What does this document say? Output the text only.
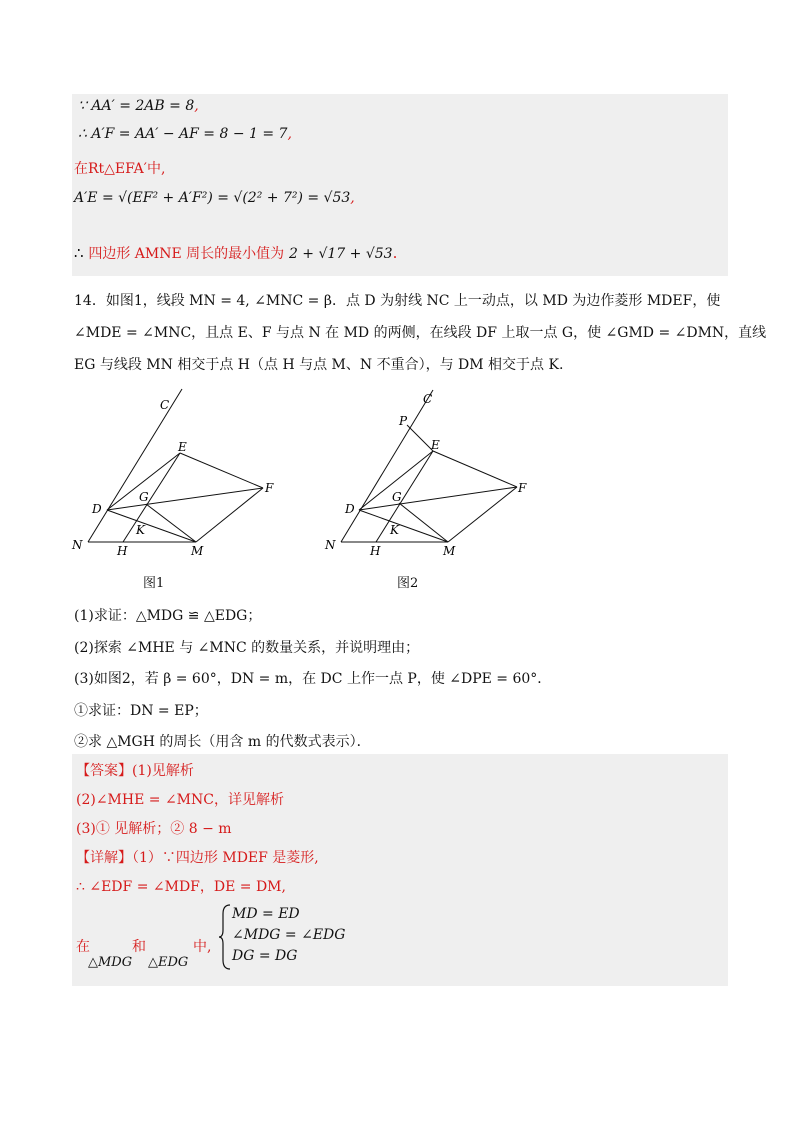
∵ AA′ = 2AB = 8,
∴ A′F = AA′ − AF = 8 − 1 = 7,
在Rt△EFA′中,
A′E = √(EF² + A′F²) = √(2² + 7²) = √53,
∴ 四边形 AMNE 周长的最小值为 2 + √17 + √53.
14．如图1，线段 MN = 4, ∠MNC = β．点 D 为射线 NC 上一动点，以 MD 为边作菱形 MDEF，使
∠MDE = ∠MNC，且点 E、F 与点 N 在 MD 的两侧，在线段 DF 上取一点 G，使 ∠GMD = ∠DMN，直线
EG 与线段 MN 相交于点 H（点 H 与点 M、N 不重合），与 DM 相交于点 K.
C
E
F
D
G
K
N	H	M
图1
C
P
E
F
D
G
K
N	H	M
图2
(1)求证：△MDG ≌ △EDG；
(2)探索 ∠MHE 与 ∠MNC 的数量关系，并说明理由；
(3)如图2，若 β = 60°，DN = m，在 DC 上作一点 P，使 ∠DPE = 60°．
①求证：DN = EP；
②求 △MGH 的周长（用含 m 的代数式表示）．
【答案】(1)见解析
(2)∠MHE = ∠MNC，详见解析
(3)① 见解析；② 8 − m
【详解】（1）∵四边形 MDEF 是菱形,
∴ ∠EDF = ∠MDF，DE = DM,
在	和	中,
△MDG △EDG
MD = ED
∠MDG = ∠EDG
DG = DG
